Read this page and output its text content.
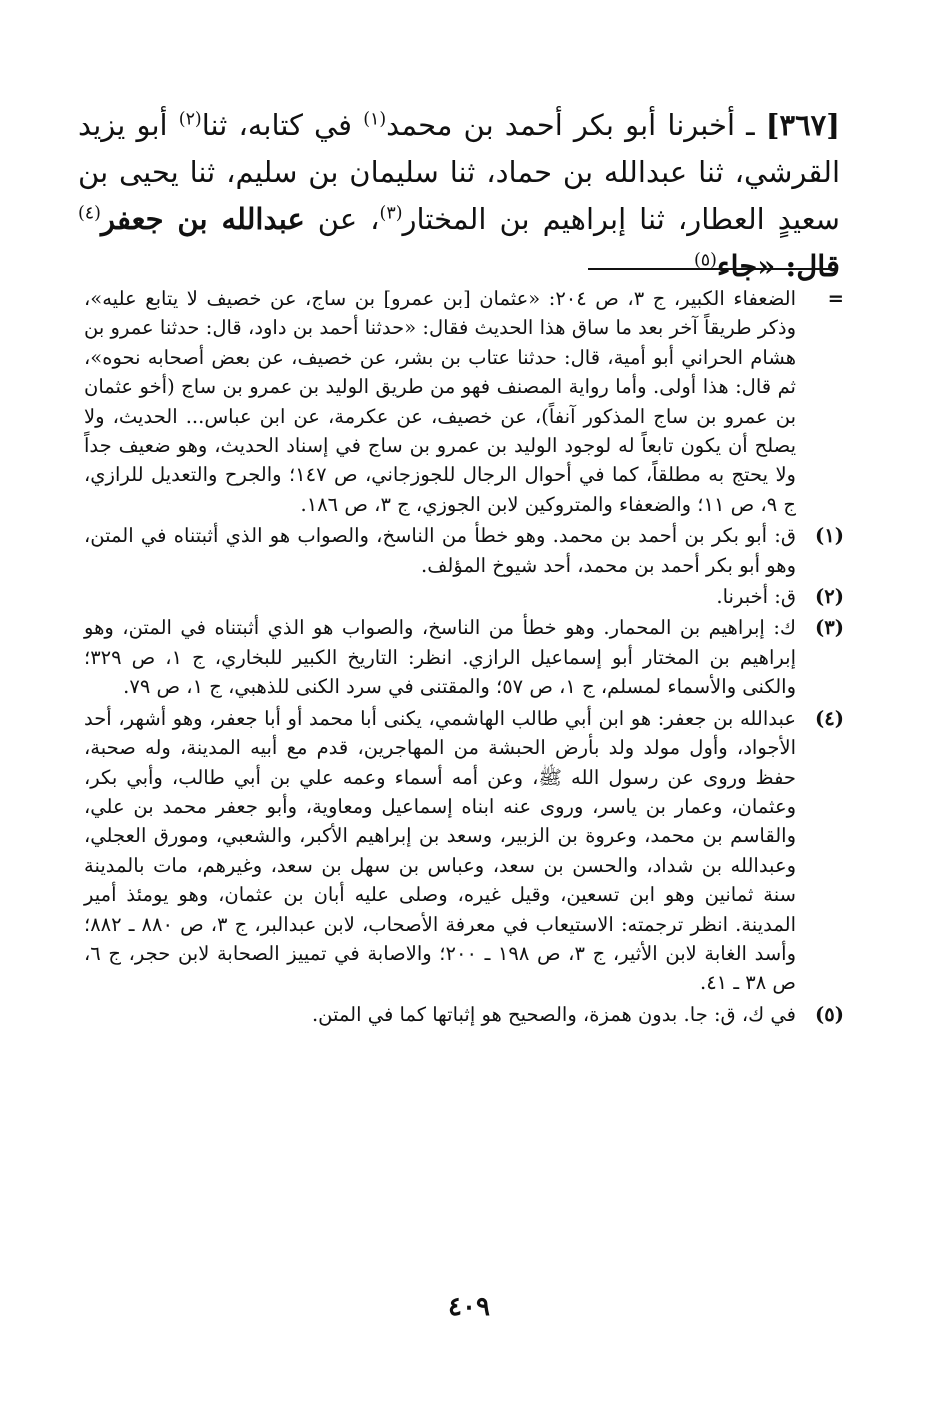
[٣٦٧] ـ أخبرنا أبو بكر أحمد بن محمد$^{(١)}$ في كتابه، ثنا$^{(٢)}$ أبو يزيد القرشي، ثنا عبدالله بن حماد، ثنا سليمان بن سليم، ثنا يحيى بن سعيدٍ العطار، ثنا إبراهيم بن المختار$^{(٣)}$، عن عبدالله بن جعفر$^{(٤)}$ قال: «جاء$^{(٥)}$
=
الضعفاء الكبير، ج ٣، ص ٢٠٤: «عثمان [بن عمرو] بن ساج، عن خصيف لا يتابع عليه»، وذكر طريقاً آخر بعد ما ساق هذا الحديث فقال: «حدثنا أحمد بن داود، قال: حدثنا عمرو بن هشام الحراني أبو أمية، قال: حدثنا عتاب بن بشر، عن خصيف، عن بعض أصحابه نحوه»، ثم قال: هذا أولى. وأما رواية المصنف فهو من طريق الوليد بن عمرو بن ساج (أخو عثمان بن عمرو بن ساج المذكور آنفاً)، عن خصيف، عن عكرمة، عن ابن عباس... الحديث، ولا يصلح أن يكون تابعاً له لوجود الوليد بن عمرو بن ساج في إسناد الحديث، وهو ضعيف جداً ولا يحتج به مطلقاً، كما في أحوال الرجال للجوزجاني، ص ١٤٧؛ والجرح والتعديل للرازي، ج ٩، ص ١١؛ والضعفاء والمتروكين لابن الجوزي، ج ٣، ص ١٨٦.
(١)
ق: أبو بكر بن أحمد بن محمد. وهو خطأ من الناسخ، والصواب هو الذي أثبتناه في المتن، وهو أبو بكر أحمد بن محمد، أحد شيوخ المؤلف.
(٢)
ق: أخبرنا.
(٣)
ك: إبراهيم بن المحمار. وهو خطأ من الناسخ، والصواب هو الذي أثبتناه في المتن، وهو إبراهيم بن المختار أبو إسماعيل الرازي. انظر: التاريخ الكبير للبخاري، ج ١، ص ٣٢٩؛ والكنى والأسماء لمسلم، ج ١، ص ٥٧؛ والمقتنى في سرد الكنى للذهبي، ج ١، ص ٧٩.
(٤)
عبدالله بن جعفر: هو ابن أبي طالب الهاشمي، يكنى أبا محمد أو أبا جعفر، وهو أشهر، أحد الأجواد، وأول مولد ولد بأرض الحبشة من المهاجرين، قدم مع أبيه المدينة، وله صحبة، حفظ وروى عن رسول الله ﷺ، وعن أمه أسماء وعمه علي بن أبي طالب، وأبي بكر، وعثمان، وعمار بن ياسر، وروى عنه ابناه إسماعيل ومعاوية، وأبو جعفر محمد بن علي، والقاسم بن محمد، وعروة بن الزبير، وسعد بن إبراهيم الأكبر، والشعبي، ومورق العجلي، وعبدالله بن شداد، والحسن بن سعد، وعباس بن سهل بن سعد، وغيرهم، مات بالمدينة سنة ثمانين وهو ابن تسعين، وقيل غيره، وصلى عليه أبان بن عثمان، وهو يومئذ أمير المدينة. انظر ترجمته: الاستيعاب في معرفة الأصحاب، لابن عبدالبر، ج ٣، ص ٨٨٠ ـ ٨٨٢؛ وأسد الغابة لابن الأثير، ج ٣، ص ١٩٨ ـ ٢٠٠؛ والاصابة في تمييز الصحابة لابن حجر، ج ٦، ص ٣٨ ـ ٤١.
(٥)
في ك، ق: جا. بدون همزة، والصحيح هو إثباتها كما في المتن.
٤٠٩
